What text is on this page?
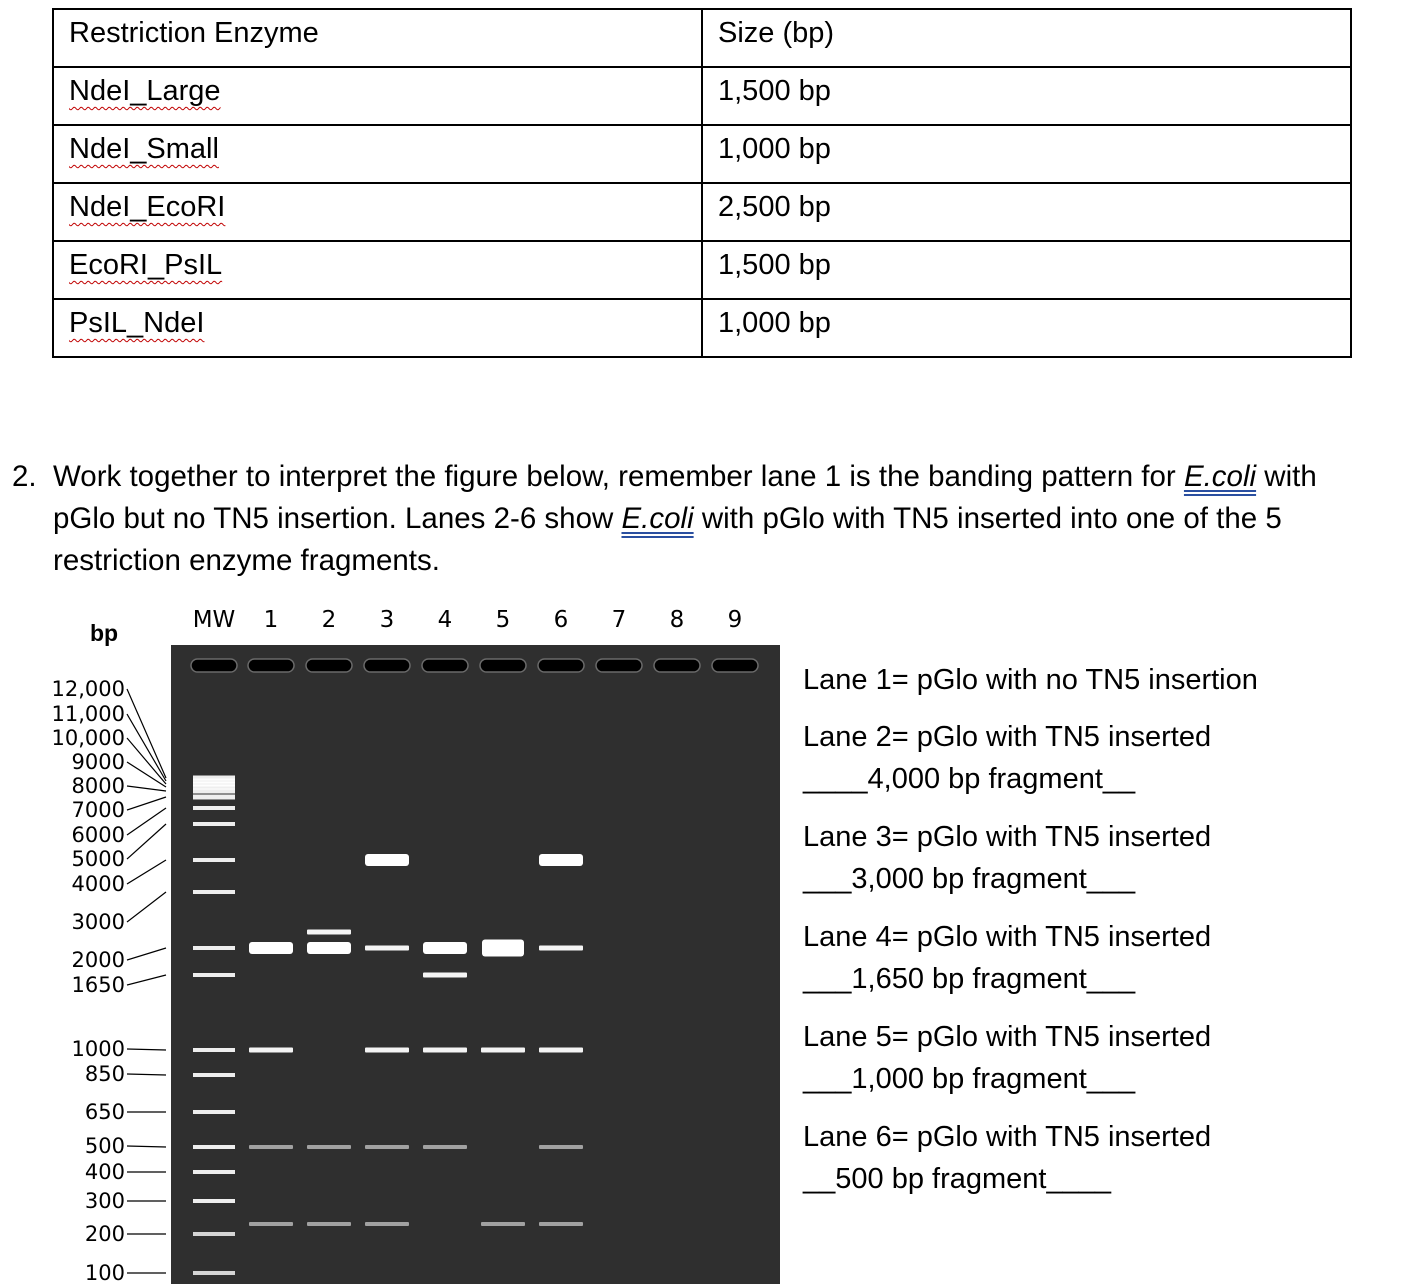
Restriction Enzyme	Size (bp)
NdeI_Large	1,500 bp
NdeI_Small	1,000 bp
NdeI_EcoRI	2,500 bp
EcoRI_PsIL	1,500 bp
PsIL_NdeI	1,000 bp
2. Work together to interpret the figure below, remember lane 1 is the banding pattern for E.coli with pGlo but no TN5 insertion. Lanes 2-6 show E.coli with pGlo with TN5 inserted into one of the 5 restriction enzyme fragments.
bp	MW 1 2 3 4 5 6 7 8 9
12,000
11,000
10,000
9000
8000
7000
6000
5000
4000
3000
2000
1650
1000
850
650
500
400
300
200
100
Lane 1= pGlo with no TN5 insertion
Lane 2= pGlo with TN5 inserted
____4,000 bp fragment__
Lane 3= pGlo with TN5 inserted
___3,000 bp fragment___
Lane 4= pGlo with TN5 inserted
___1,650 bp fragment___
Lane 5= pGlo with TN5 inserted
___1,000 bp fragment___
Lane 6= pGlo with TN5 inserted
__500 bp fragment____
